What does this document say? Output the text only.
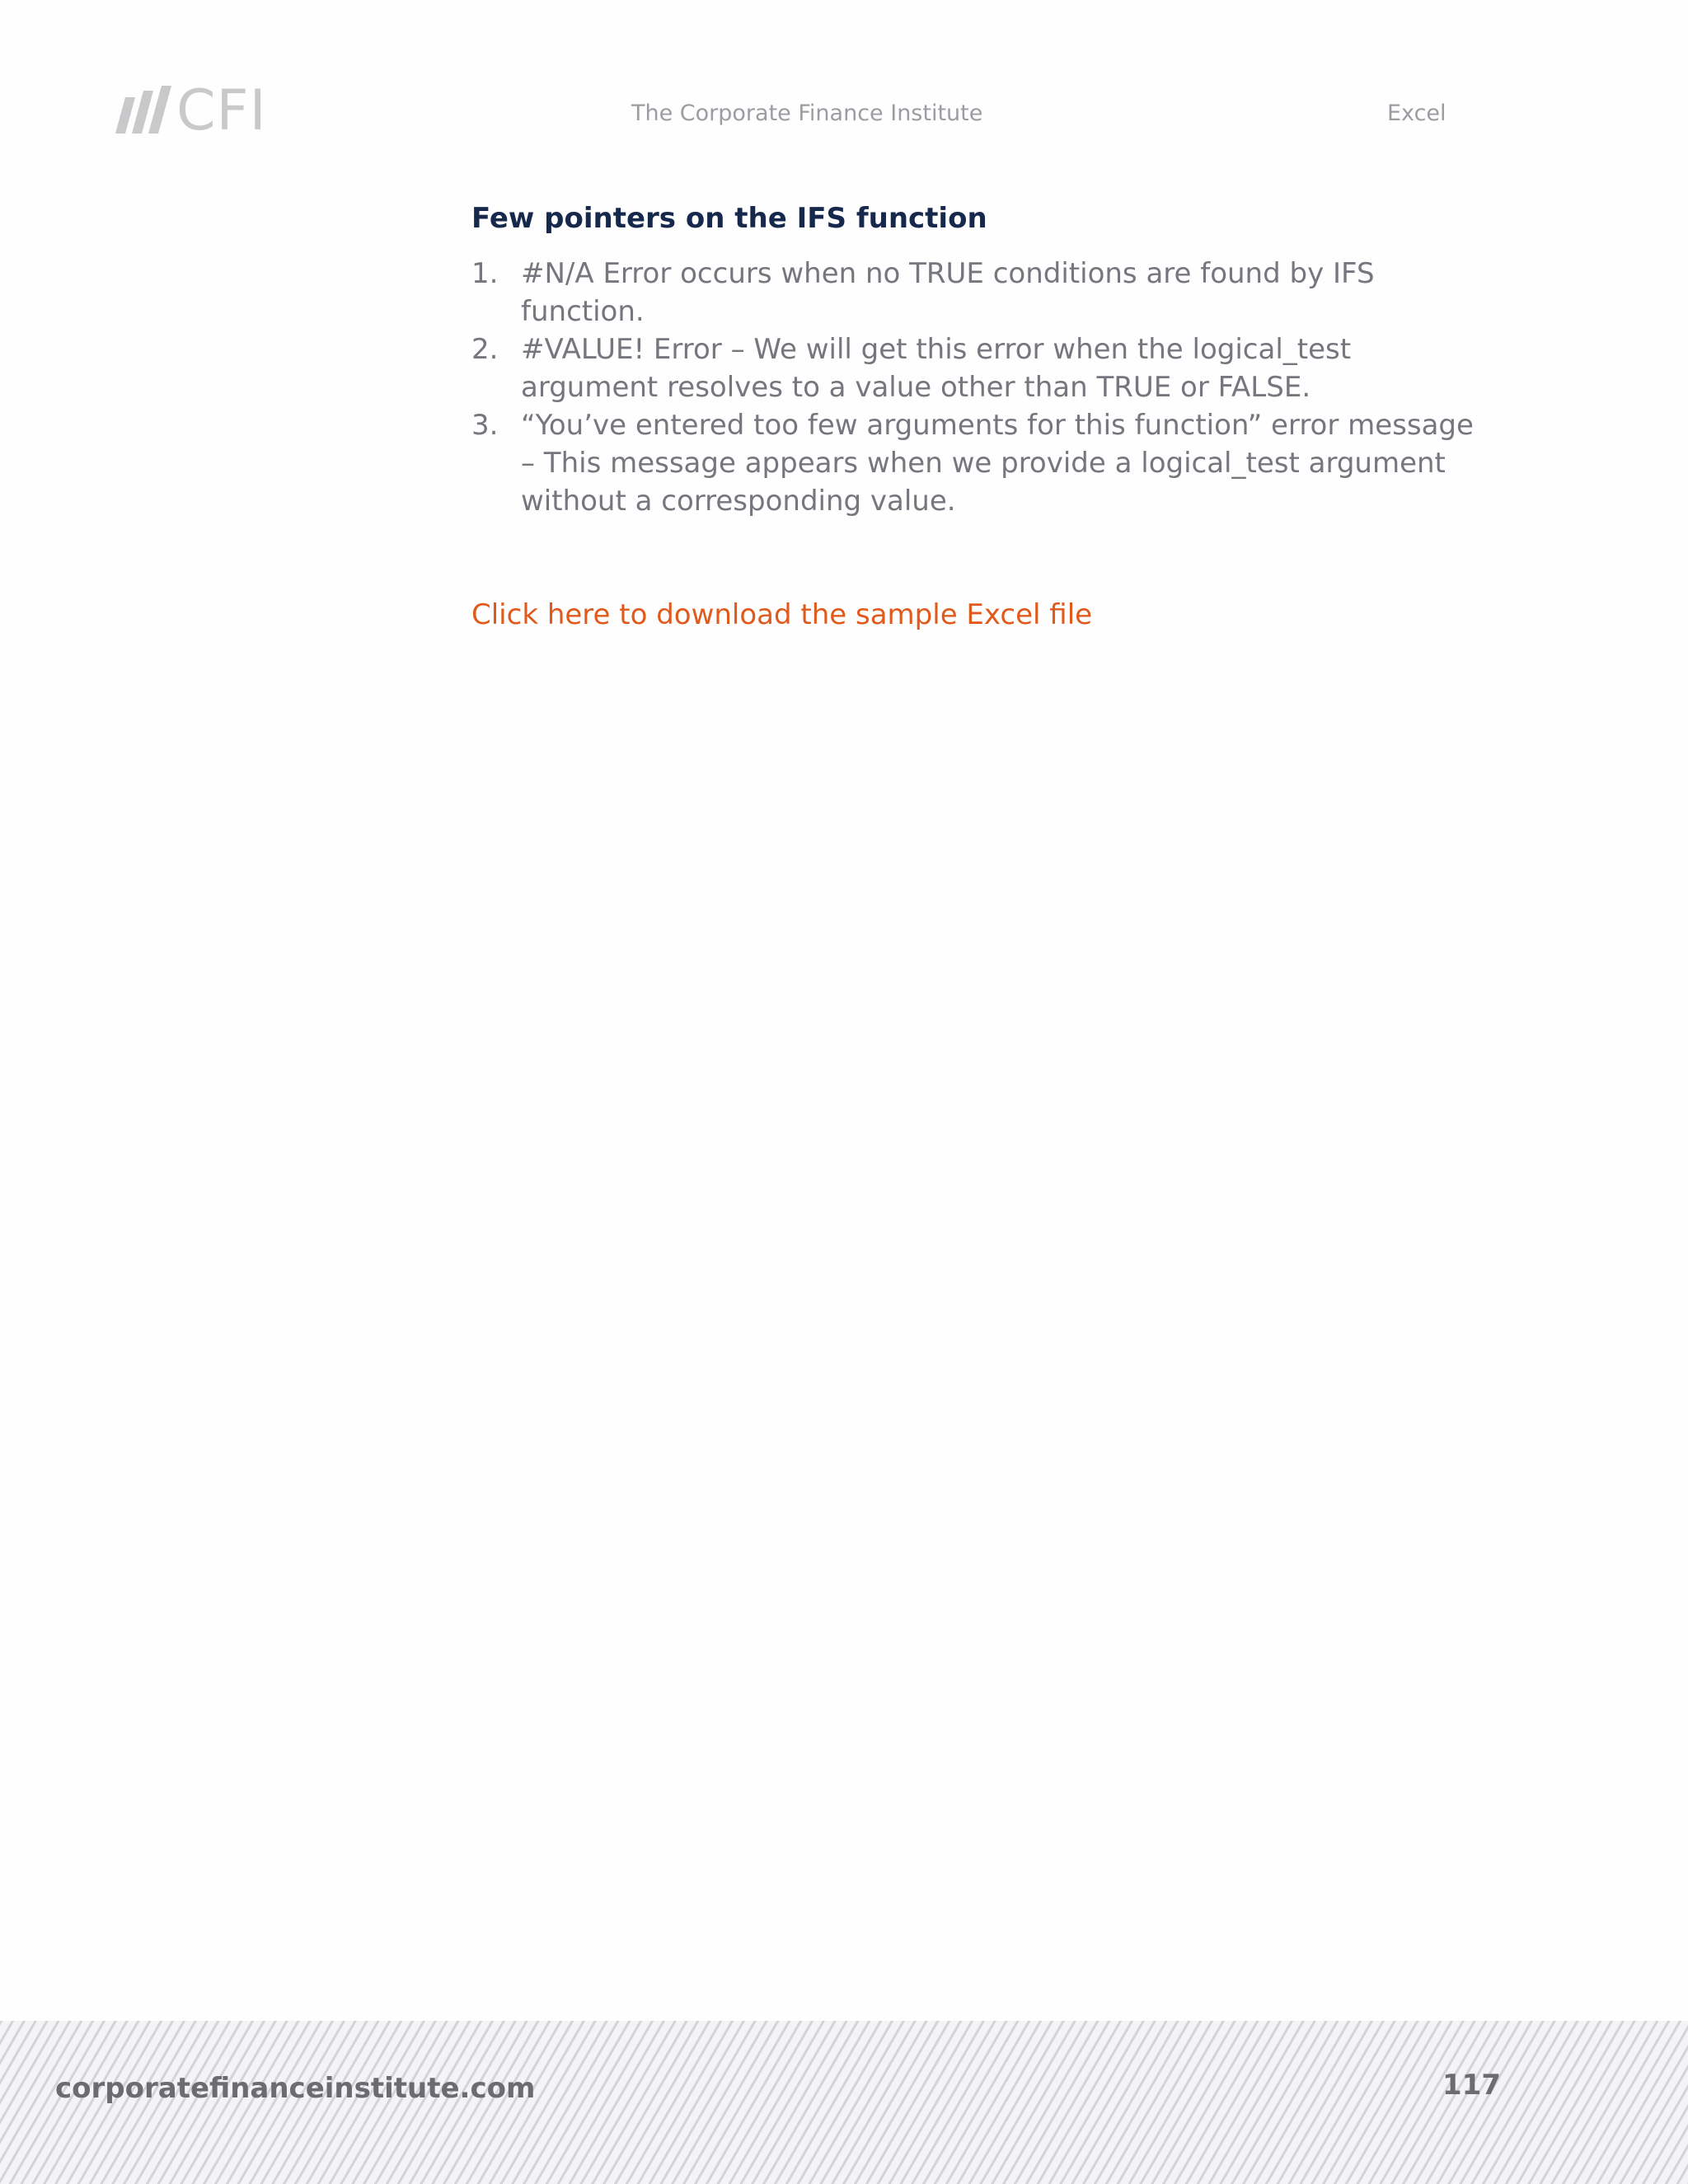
CFI	The Corporate Finance Institute	Excel
Few pointers on the IFS function
1. #N/A Error occurs when no TRUE conditions are found by IFS function.
2. #VALUE! Error – We will get this error when the logical_test argument resolves to a value other than TRUE or FALSE.
3. “You’ve entered too few arguments for this function” error message – This message appears when we provide a logical_test argument without a corresponding value.
Click here to download the sample Excel file
corporatefinanceinstitute.com	117
